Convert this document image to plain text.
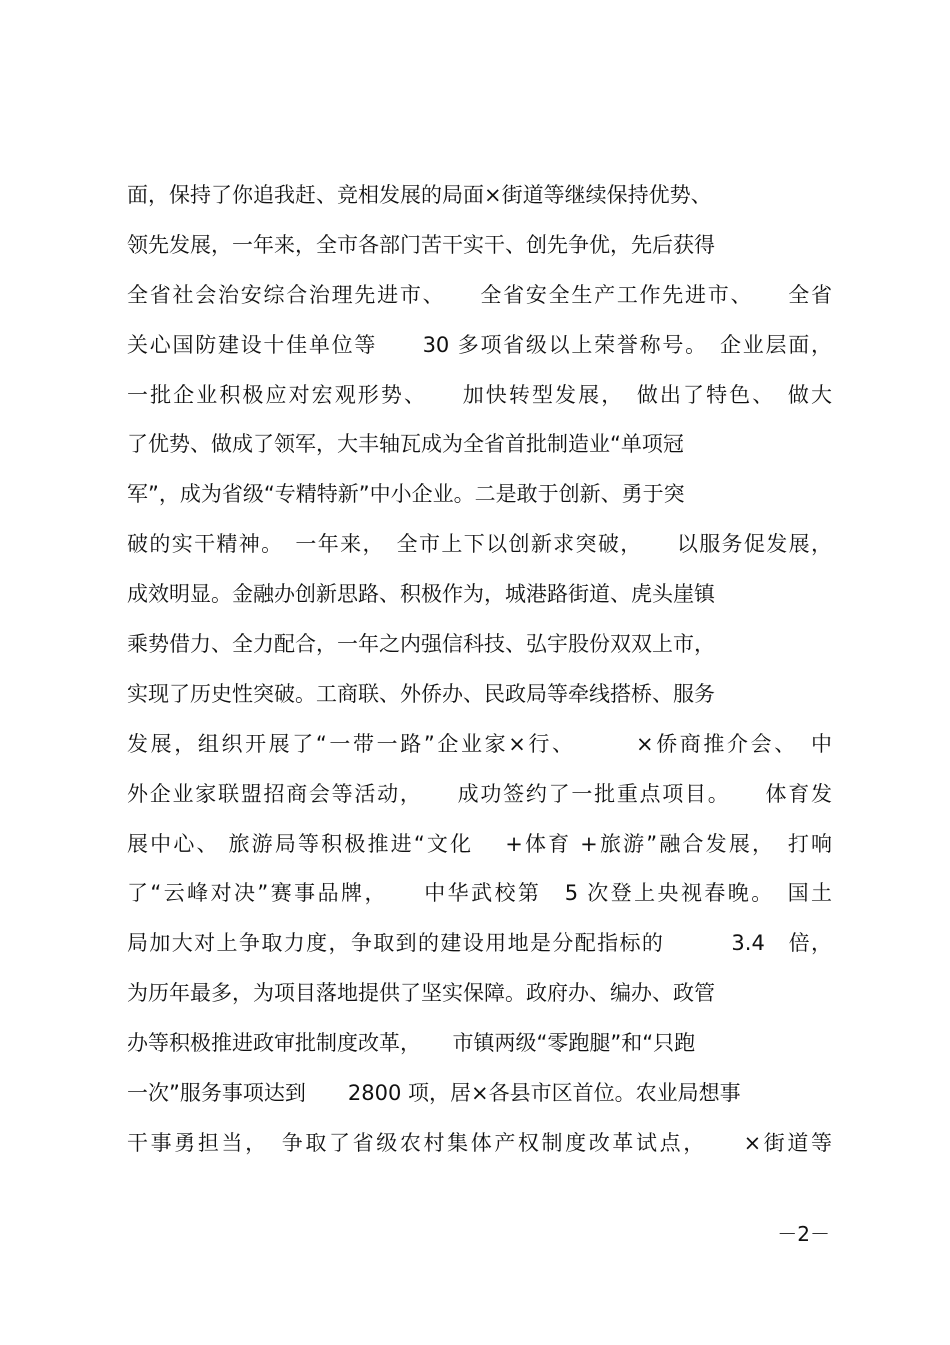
面，保持了你追我赶、竞相发展的局面×街道等继续保持优势、
领先发展，一年来，全市各部门苦干实干、创先争优，先后获得
全省社会治安综合治理先进市、　　全省安全生产工作先进市、　　全省
关心国防建设十佳单位等　　30 多项省级以上荣誉称号。　企业层面，
一批企业积极应对宏观形势、　　加快转型发展，　做出了特色、　做大
了优势、做成了领军，大丰轴瓦成为全省首批制造业“单项冠
军”，成为省级“专精特新”中小企业。二是敢于创新、勇于突
破的实干精神。　一年来，　全市上下以创新求突破，　　以服务促发展，
成效明显。金融办创新思路、积极作为，城港路街道、虎头崖镇
乘势借力、全力配合，一年之内强信科技、弘宇股份双双上市，
实现了历史性突破。工商联、外侨办、民政局等牵线搭桥、服务
发展，组织开展了“一带一路”企业家×行、　　　×侨商推介会、　中
外企业家联盟招商会等活动，　　成功签约了一批重点项目。　　体育发
展中心、 旅游局等积极推进“文化　 +体育 +旅游”融合发展，　打响
了“云峰对决”赛事品牌，　　中华武校第　5 次登上央视春晚。　国土
局加大对上争取力度，争取到的建设用地是分配指标的　　　3.4　倍，
为历年最多，为项目落地提供了坚实保障。政府办、编办、政管
办等积极推进政审批制度改革，　　市镇两级“零跑腿”和“只跑
一次”服务事项达到　　2800 项，居×各县市区首位。农业局想事
干事勇担当，　争取了省级农村集体产权制度改革试点，　　×街道等
－2－
